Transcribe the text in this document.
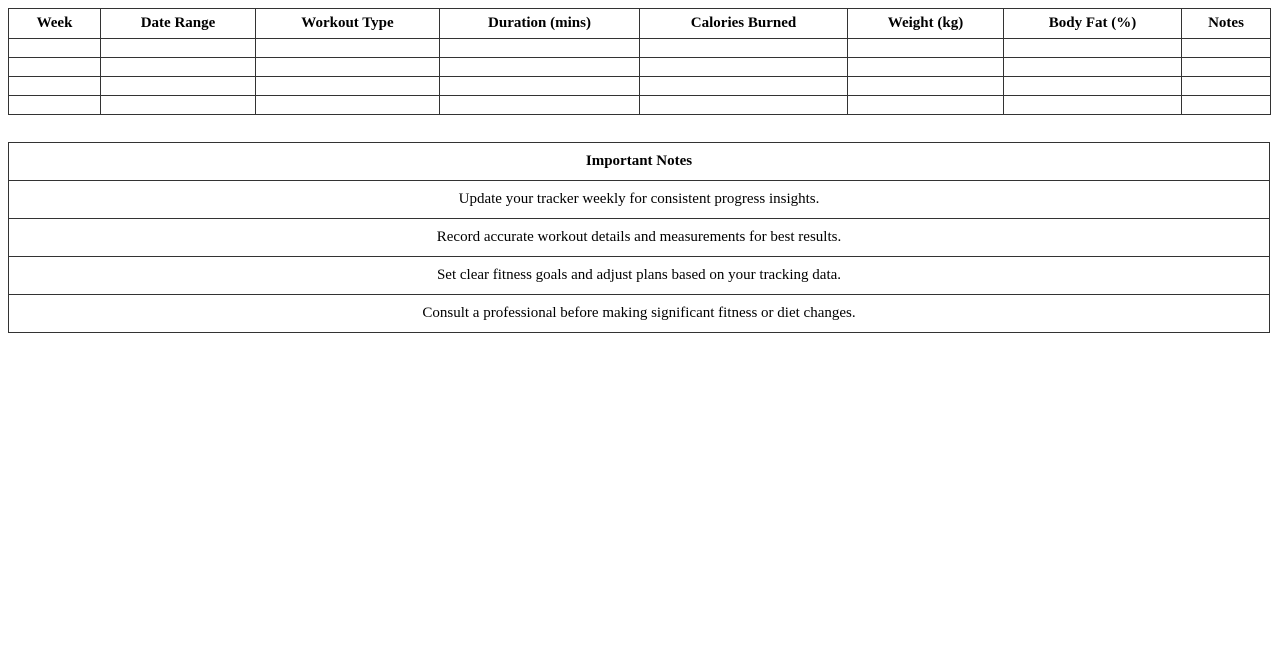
Week	Date Range	Workout Type	Duration (mins)	Calories Burned	Weight (kg)	Body Fat (%)	Notes

Important Notes
Update your tracker weekly for consistent progress insights.
Record accurate workout details and measurements for best results.
Set clear fitness goals and adjust plans based on your tracking data.
Consult a professional before making significant fitness or diet changes.
